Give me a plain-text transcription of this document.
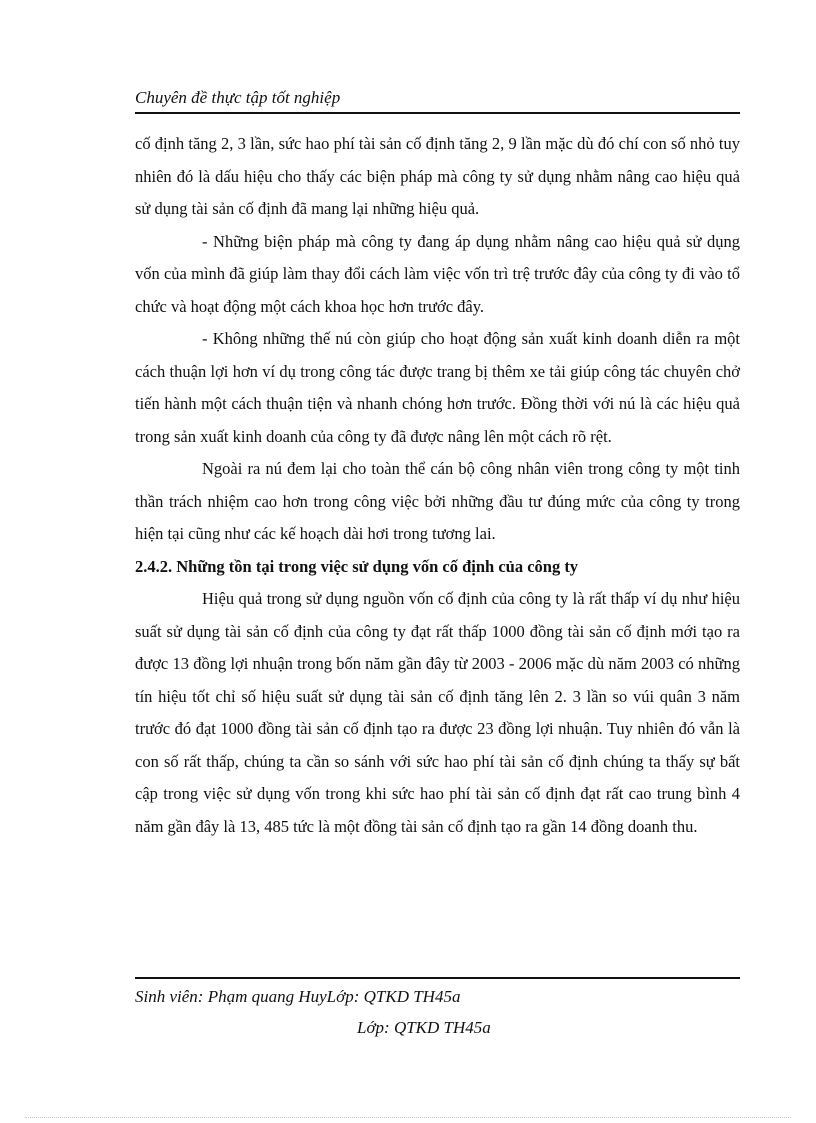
Chuyên đề thực tập tốt nghiệp

cố định tăng 2, 3 lần, sức hao phí tài sản cố định tăng 2, 9 lần mặc dù đó chí con số nhỏ tuy nhiên đó là dấu hiệu cho thấy các biện pháp mà công ty sử dụng nhằm nâng cao hiệu quả sử dụng tài sản cố định đã mang lại những hiệu quả.

- Những biện pháp mà công ty đang áp dụng nhằm nâng cao hiệu quả sử dụng vốn của mình đã giúp làm thay đổi cách làm việc vốn trì trệ trước đây của công ty đi vào tổ chức và hoạt động một cách khoa học hơn trước đây.

- Không những thế nú còn giúp cho hoạt động sản xuất kinh doanh diễn ra một cách thuận lợi hơn ví dụ trong công tác được trang bị thêm xe tải giúp công tác chuyên chở tiến hành một cách thuận tiện và nhanh chóng hơn trước. Đồng thời với nú là các hiệu quả trong sản xuất kinh doanh của công ty đã được nâng lên một cách rõ rệt.

Ngoài ra nú đem lại cho toàn thể cán bộ công nhân viên trong công ty một tinh thần trách nhiệm cao hơn trong công việc bởi những đầu tư đúng mức của công ty trong hiện tại cũng như các kế hoạch dài hơi trong tương lai.

2.4.2. Những tồn tại trong việc sử dụng vốn cố định của công ty

Hiệu quả trong sử dụng nguồn vốn cố định của công ty là rất thấp ví dụ như hiệu suất sử dụng tài sản cố định của công ty đạt rất thấp 1000 đồng tài sản cố định mới tạo ra được 13 đồng lợi nhuận trong bốn năm gần đây từ 2003 - 2006 mặc dù năm 2003 có những tín hiệu tốt chỉ số hiệu suất sử dụng tài sản cố định tăng lên 2. 3 lần so vúi quân 3 năm trước đó đạt 1000 đồng tài sản cố định tạo ra được 23 đồng lợi nhuận. Tuy nhiên đó vẫn là con số rất thấp, chúng ta cần so sánh với sức hao phí tài sản cố định chúng ta thấy sự bất cập trong việc sử dụng vốn trong khi sức hao phí tài sản cố định đạt rất cao trung bình 4 năm gần đây là 13, 485 tức là một đồng tài sản cố định tạo ra gần 14 đồng doanh thu.

Sinh viên: Phạm quang HuyLớp: QTKD TH45a
Lớp: QTKD TH45a
